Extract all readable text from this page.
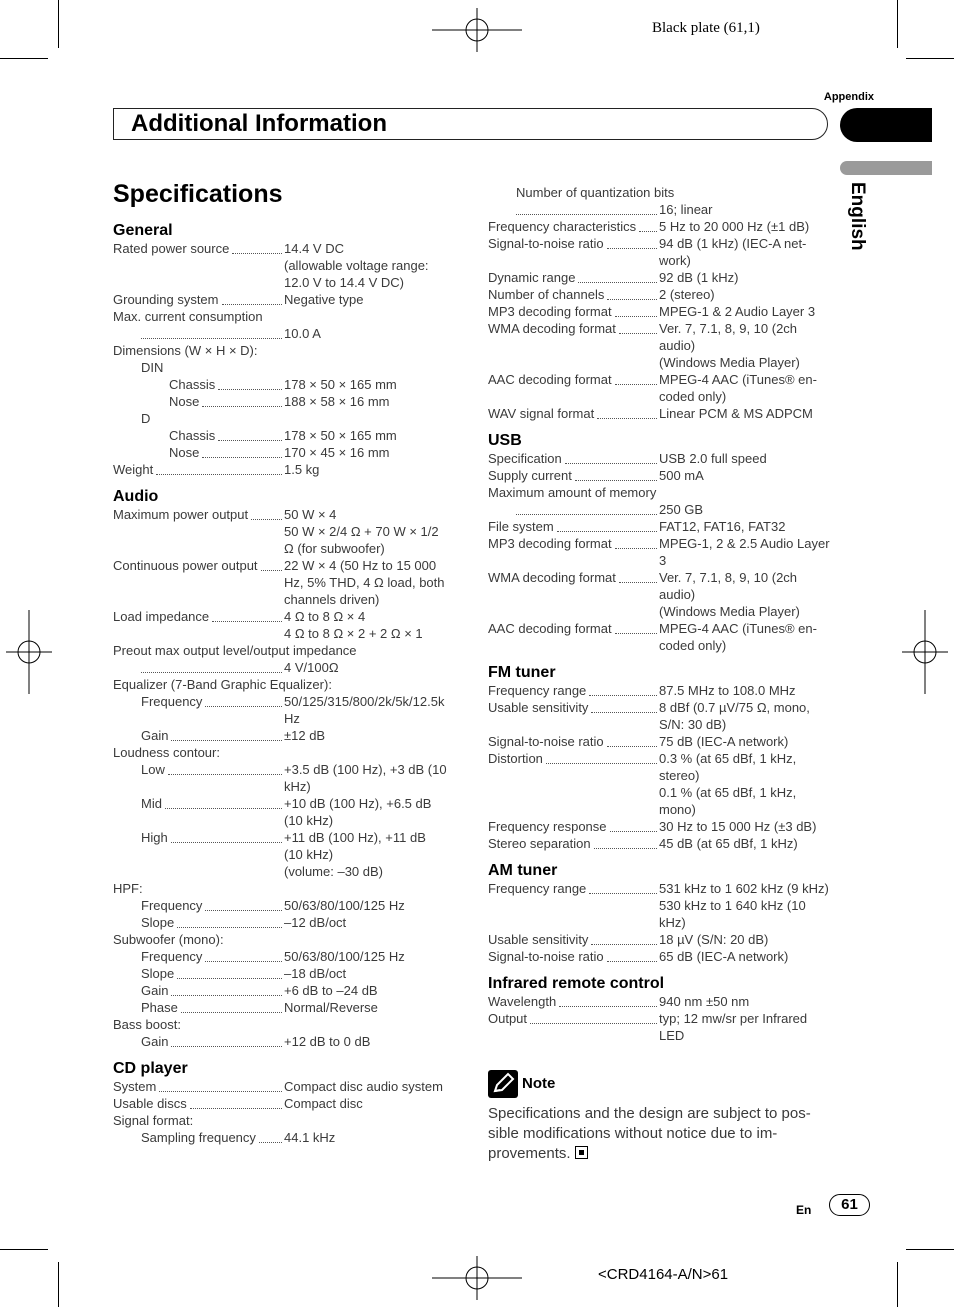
Black plate (61,1)
Appendix
Additional Information
English
Specifications
General
Rated power source	14.4 V DC
(allowable voltage range:
12.0 V to 14.4 V DC)
Grounding system	Negative type
Max. current consumption
10.0 A
Dimensions (W × H × D):
DIN
Chassis	178 × 50 × 165 mm
Nose	188 × 58 × 16 mm
D
Chassis	178 × 50 × 165 mm
Nose	170 × 45 × 16 mm
Weight	1.5 kg
Audio
Maximum power output	50 W × 4
50 W × 2/4 Ω + 70 W × 1/2
Ω (for subwoofer)
Continuous power output 22 W × 4 (50 Hz to 15 000
Hz, 5% THD, 4 Ω load, both
channels driven)
Load impedance	4 Ω to 8 Ω × 4
4 Ω to 8 Ω × 2 + 2 Ω × 1
Preout max output level/output impedance
4 V/100Ω
Equalizer (7-Band Graphic Equalizer):
Frequency	50/125/315/800/2k/5k/12.5k
Hz
Gain	±12 dB
Loudness contour:
Low	+3.5 dB (100 Hz), +3 dB (10
kHz)
Mid	+10 dB (100 Hz), +6.5 dB
(10 kHz)
High	+11 dB (100 Hz), +11 dB
(10 kHz)
(volume: –30 dB)
HPF:
Frequency	50/63/80/100/125 Hz
Slope	–12 dB/oct
Subwoofer (mono):
Frequency	50/63/80/100/125 Hz
Slope	–18 dB/oct
Gain	+6 dB to –24 dB
Phase	Normal/Reverse
Bass boost:
Gain	+12 dB to 0 dB
CD player
System	Compact disc audio system
Usable discs	Compact disc
Signal format:
Sampling frequency 44.1 kHz
Number of quantization bits
16; linear
Frequency characteristics 5 Hz to 20 000 Hz (±1 dB)
Signal-to-noise ratio	94 dB (1 kHz) (IEC-A net-
work)
Dynamic range	92 dB (1 kHz)
Number of channels	2 (stereo)
MP3 decoding format	MPEG-1 & 2 Audio Layer 3
WMA decoding format	Ver. 7, 7.1, 8, 9, 10 (2ch
audio)
(Windows Media Player)
AAC decoding format	MPEG-4 AAC (iTunes® en-
coded only)
WAV signal format	Linear PCM & MS ADPCM
USB
Specification	USB 2.0 full speed
Supply current	500 mA
Maximum amount of memory
250 GB
File system	FAT12, FAT16, FAT32
MP3 decoding format	MPEG-1, 2 & 2.5 Audio Layer
3
WMA decoding format	Ver. 7, 7.1, 8, 9, 10 (2ch
audio)
(Windows Media Player)
AAC decoding format	MPEG-4 AAC (iTunes® en-
coded only)
FM tuner
Frequency range	87.5 MHz to 108.0 MHz
Usable sensitivity	8 dBf (0.7 µV/75 Ω, mono,
S/N: 30 dB)
Signal-to-noise ratio	75 dB (IEC-A network)
Distortion	0.3 % (at 65 dBf, 1 kHz,
stereo)
0.1 % (at 65 dBf, 1 kHz,
mono)
Frequency response	30 Hz to 15 000 Hz (±3 dB)
Stereo separation	45 dB (at 65 dBf, 1 kHz)
AM tuner
Frequency range	531 kHz to 1 602 kHz (9 kHz)
530 kHz to 1 640 kHz (10
kHz)
Usable sensitivity	18 µV (S/N: 20 dB)
Signal-to-noise ratio	65 dB (IEC-A network)
Infrared remote control
Wavelength	940 nm ±50 nm
Output	typ; 12 mw/sr per Infrared
LED
Note
Specifications and the design are subject to pos-
sible modifications without notice due to im-
provements.
En	61
<CRD4164-A/N>61
